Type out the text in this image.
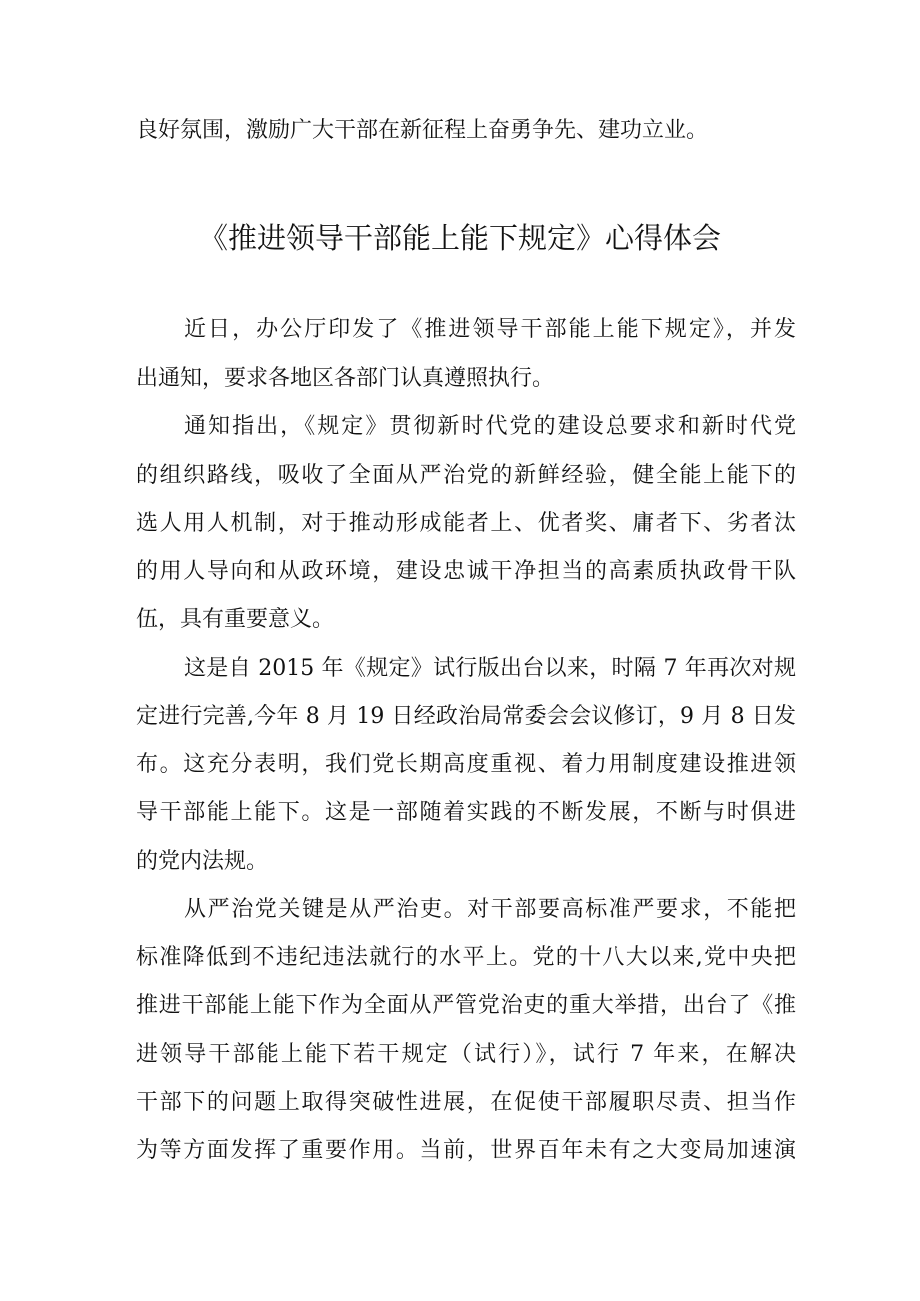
良好氛围，激励广大干部在新征程上奋勇争先、建功立业。
《推进领导干部能上能下规定》心得体会
近日，办公厅印发了《推进领导干部能上能下规定》，并发
出通知，要求各地区各部门认真遵照执行。
通知指出，《规定》贯彻新时代党的建设总要求和新时代党
的组织路线，吸收了全面从严治党的新鲜经验，健全能上能下的
选人用人机制，对于推动形成能者上、优者奖、庸者下、劣者汰
的用人导向和从政环境，建设忠诚干净担当的高素质执政骨干队
伍，具有重要意义。
这是自 2015 年《规定》试行版出台以来，时隔 7 年再次对规
定进行完善,今年 8 月 19 日经政治局常委会会议修订，9 月 8 日发
布。这充分表明，我们党长期高度重视、着力用制度建设推进领
导干部能上能下。这是一部随着实践的不断发展，不断与时俱进
的党内法规。
从严治党关键是从严治吏。对干部要高标准严要求，不能把
标准降低到不违纪违法就行的水平上。党的十八大以来,党中央把
推进干部能上能下作为全面从严管党治吏的重大举措，出台了《推
进领导干部能上能下若干规定（试行）》，试行 7 年来，在解决
干部下的问题上取得突破性进展，在促使干部履职尽责、担当作
为等方面发挥了重要作用。当前，世界百年未有之大变局加速演
